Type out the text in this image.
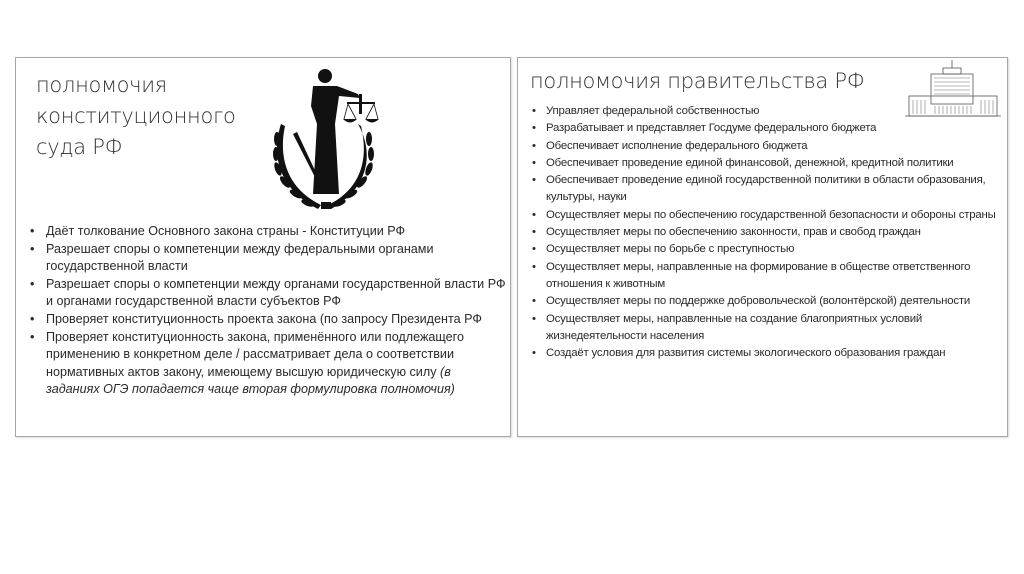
полномочия конституционного суда РФ
• Даёт толкование Основного закона страны - Конституции РФ
• Разрешает споры о компетенции между федеральными органами государственной власти
• Разрешает споры о компетенции между органами государственной власти РФ и органами государственной власти субъектов РФ
• Проверяет конституционность проекта закона (по запросу Президента РФ
• Проверяет конституционность закона, применённого или подлежащего применению в конкретном деле / рассматривает дела о соответствии нормативных актов закону, имеющему высшую юридическую силу (в заданиях ОГЭ попадается чаще вторая формулировка полномочия)
полномочия правительства РФ
• Управляет федеральной собственностью
• Разрабатывает и представляет Госдуме федерального бюджета
• Обеспечивает исполнение федерального бюджета
• Обеспечивает проведение единой финансовой, денежной, кредитной политики
• Обеспечивает проведение единой государственной политики в области образования, культуры, науки
• Осуществляет меры по обеспечению государственной безопасности и обороны страны
• Осуществляет меры по обеспечению законности, прав и свобод граждан
• Осуществляет меры по борьбе с преступностью
• Осуществляет меры, направленные на формирование в обществе ответственного отношения к животным
• Осуществляет меры по поддержке добровольческой (волонтёрской) деятельности
• Осуществляет меры, направленные на создание благоприятных условий жизнедеятельности населения
• Создаёт условия для развития системы экологического образования граждан
